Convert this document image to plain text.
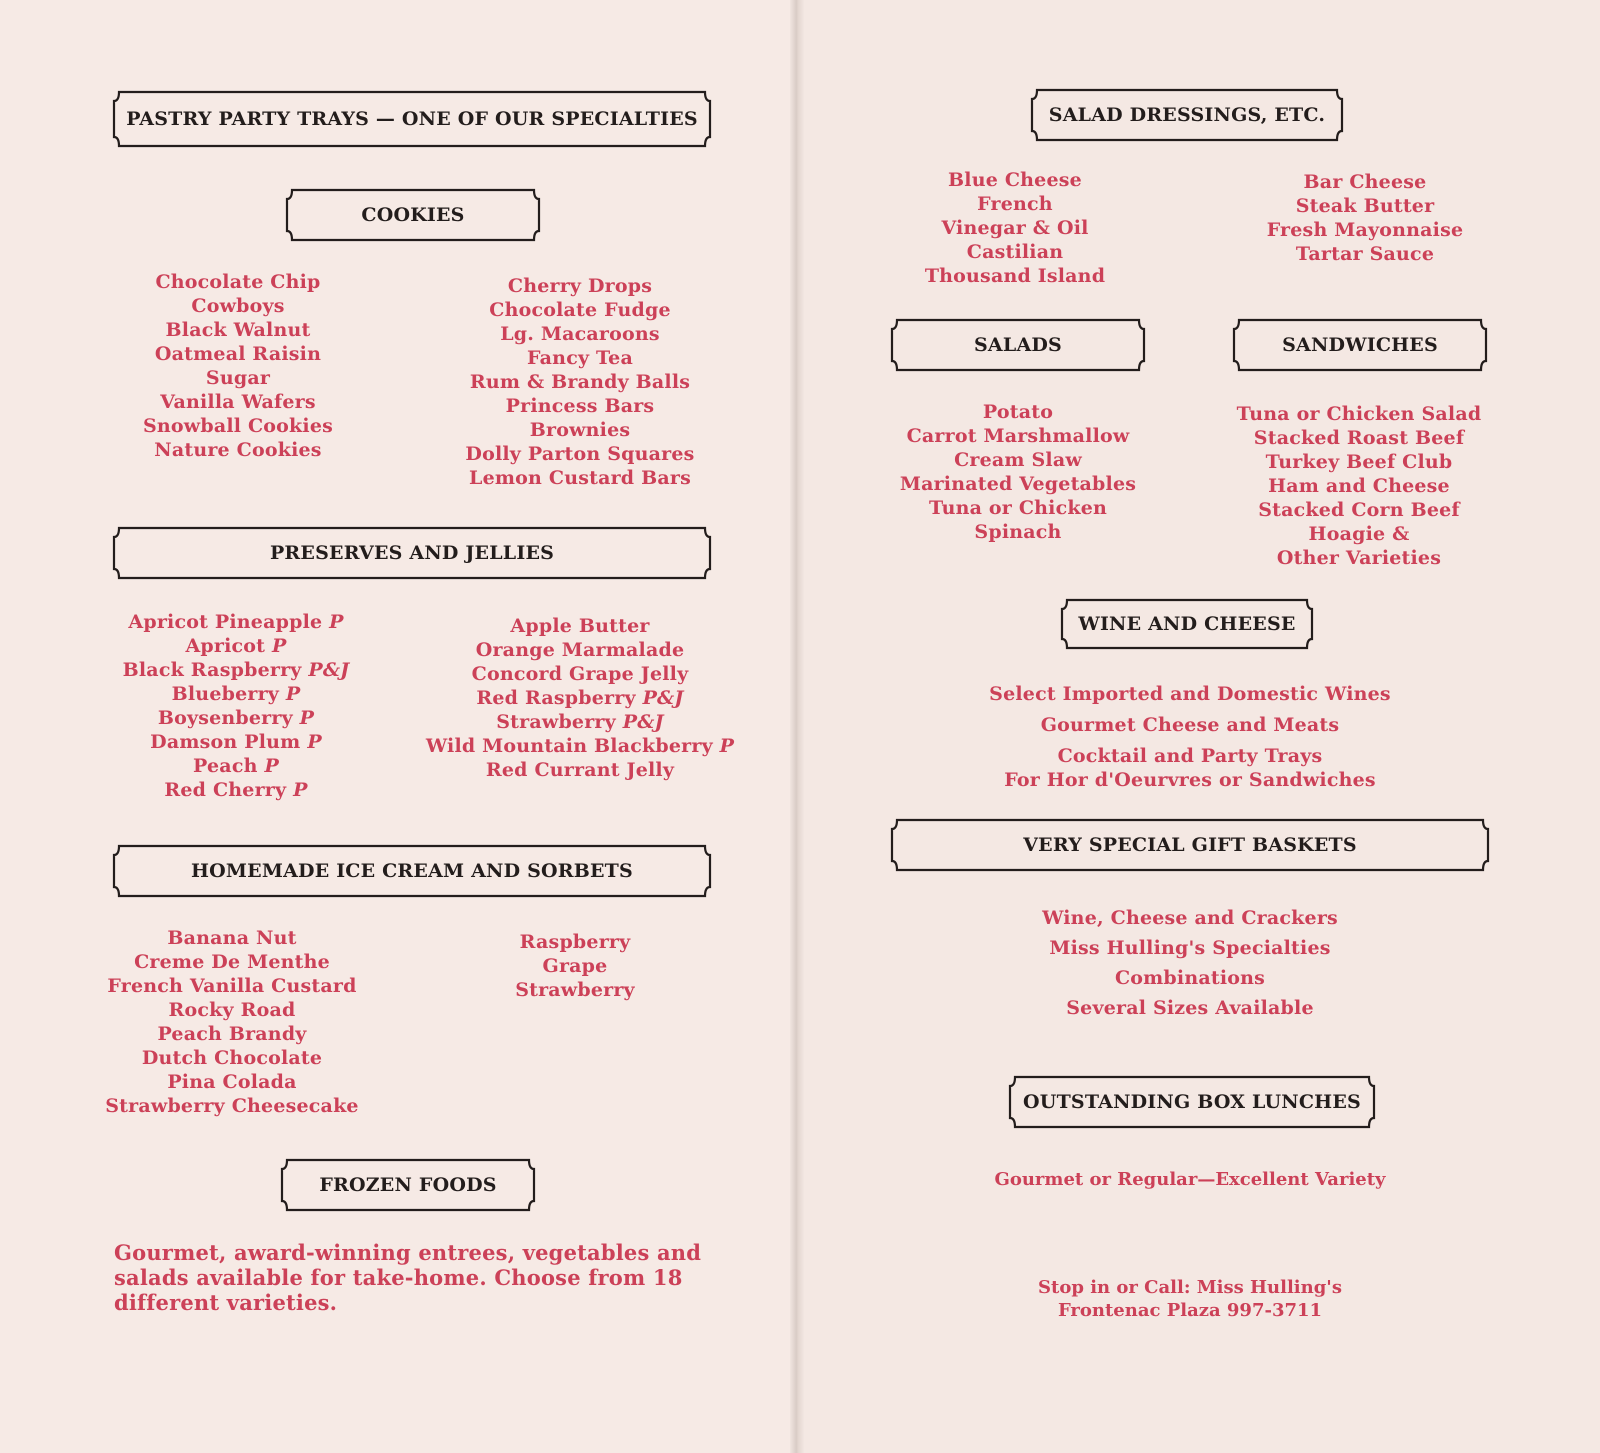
PASTRY PARTY TRAYS — ONE OF OUR SPECIALTIES
COOKIES
Chocolate Chip
Cowboys
Black Walnut
Oatmeal Raisin
Sugar
Vanilla Wafers
Snowball Cookies
Nature Cookies
Cherry Drops
Chocolate Fudge
Lg. Macaroons
Fancy Tea
Rum & Brandy Balls
Princess Bars
Brownies
Dolly Parton Squares
Lemon Custard Bars
PRESERVES AND JELLIES
Apricot Pineapple P
Apricot P
Black Raspberry P&J
Blueberry P
Boysenberry P
Damson Plum P
Peach P
Red Cherry P
Apple Butter
Orange Marmalade
Concord Grape Jelly
Red Raspberry P&J
Strawberry P&J
Wild Mountain Blackberry P
Red Currant Jelly
HOMEMADE ICE CREAM AND SORBETS
Banana Nut
Creme De Menthe
French Vanilla Custard
Rocky Road
Peach Brandy
Dutch Chocolate
Pina Colada
Strawberry Cheesecake
Raspberry
Grape
Strawberry
FROZEN FOODS

Gourmet, award-winning entrees, vegetables and salads available for take-home. Choose from 18 different varieties.

SALAD DRESSINGS, ETC.
Blue Cheese
French
Vinegar & Oil
Castilian
Thousand Island
Bar Cheese
Steak Butter
Fresh Mayonnaise
Tartar Sauce
SALADS	SANDWICHES
Potato
Carrot Marshmallow
Cream Slaw
Marinated Vegetables
Tuna or Chicken
Spinach
Tuna or Chicken Salad
Stacked Roast Beef
Turkey Beef Club
Ham and Cheese
Stacked Corn Beef
Hoagie &
Other Varieties
WINE AND CHEESE
Select Imported and Domestic Wines
Gourmet Cheese and Meats
Cocktail and Party Trays
For Hor d'Oeurvres or Sandwiches
VERY SPECIAL GIFT BASKETS
Wine, Cheese and Crackers
Miss Hulling's Specialties
Combinations
Several Sizes Available
OUTSTANDING BOX LUNCHES
Gourmet or Regular—Excellent Variety
Stop in or Call: Miss Hulling's
Frontenac Plaza 997-3711
